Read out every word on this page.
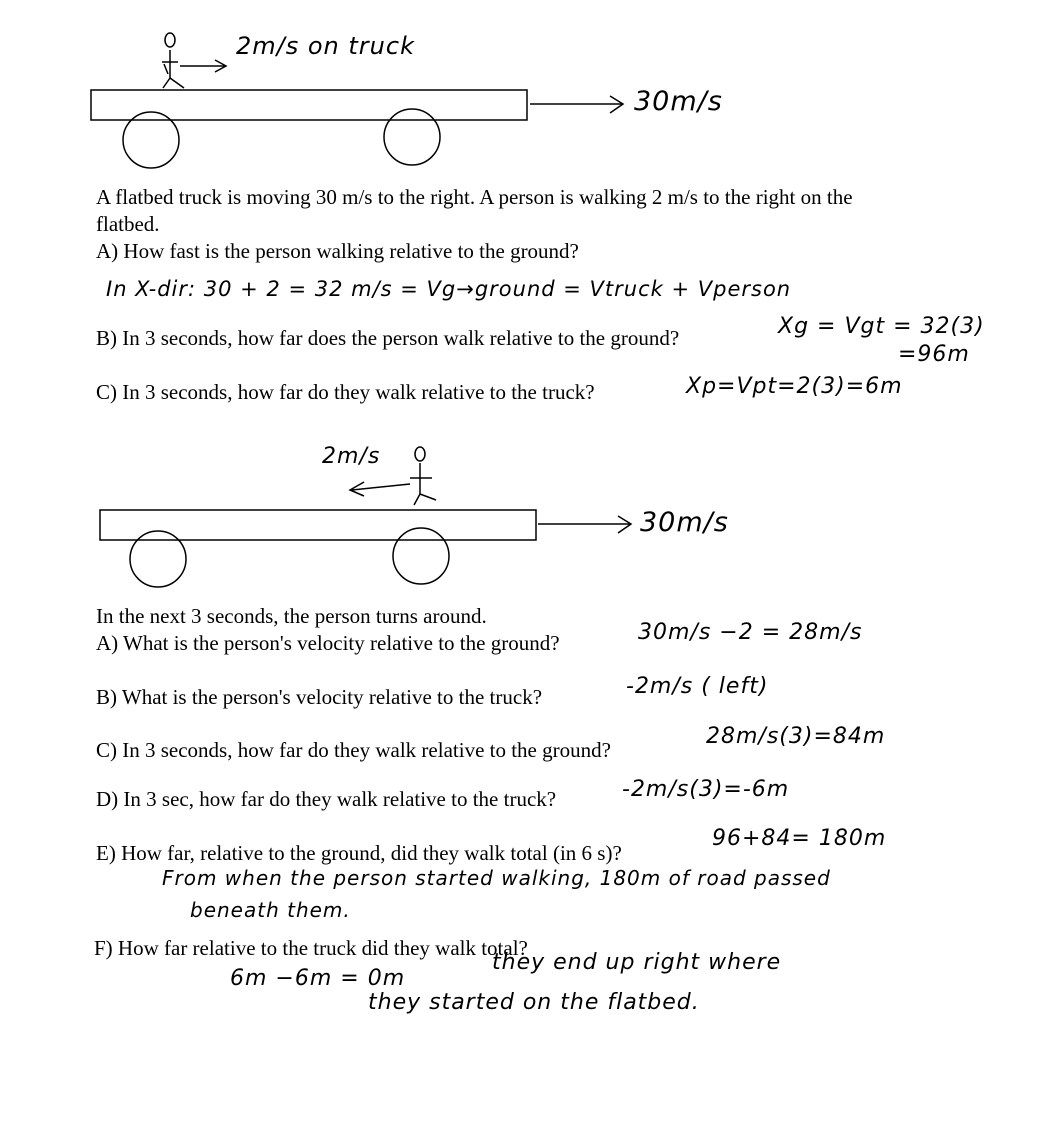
2m/s on truck
30m/s
A flatbed truck is moving 30 m/s to the right. A person is walking 2 m/s to the right on the
flatbed.
A) How fast is the person walking relative to the ground?
In X-dir: 30 + 2 = 32 m/s = Vg→ground = Vtruck + Vperson
B) In 3 seconds, how far does the person walk relative to the ground?	Xg = Vgt = 32(3)
=96m
C) In 3 seconds, how far do they walk relative to the truck?	Xp=Vpt=2(3)=6m
2m/s
30m/s
In the next 3 seconds, the person turns around.
A) What is the person's velocity relative to the ground?	30m/s −2 = 28m/s
B) What is the person's velocity relative to the truck?	-2m/s ( left)
C) In 3 seconds, how far do they walk relative to the ground?
28m/s(3)=84m
D) In 3 sec, how far do they walk relative to the truck?	-2m/s(3)=-6m
E) How far, relative to the ground, did they walk total (in 6 s)?
96+84= 180m
From when the person started walking, 180m of road passed
beneath them.
F) How far relative to the truck did they walk total?
6m −6m = 0m
they end up right where
they started on the flatbed.
